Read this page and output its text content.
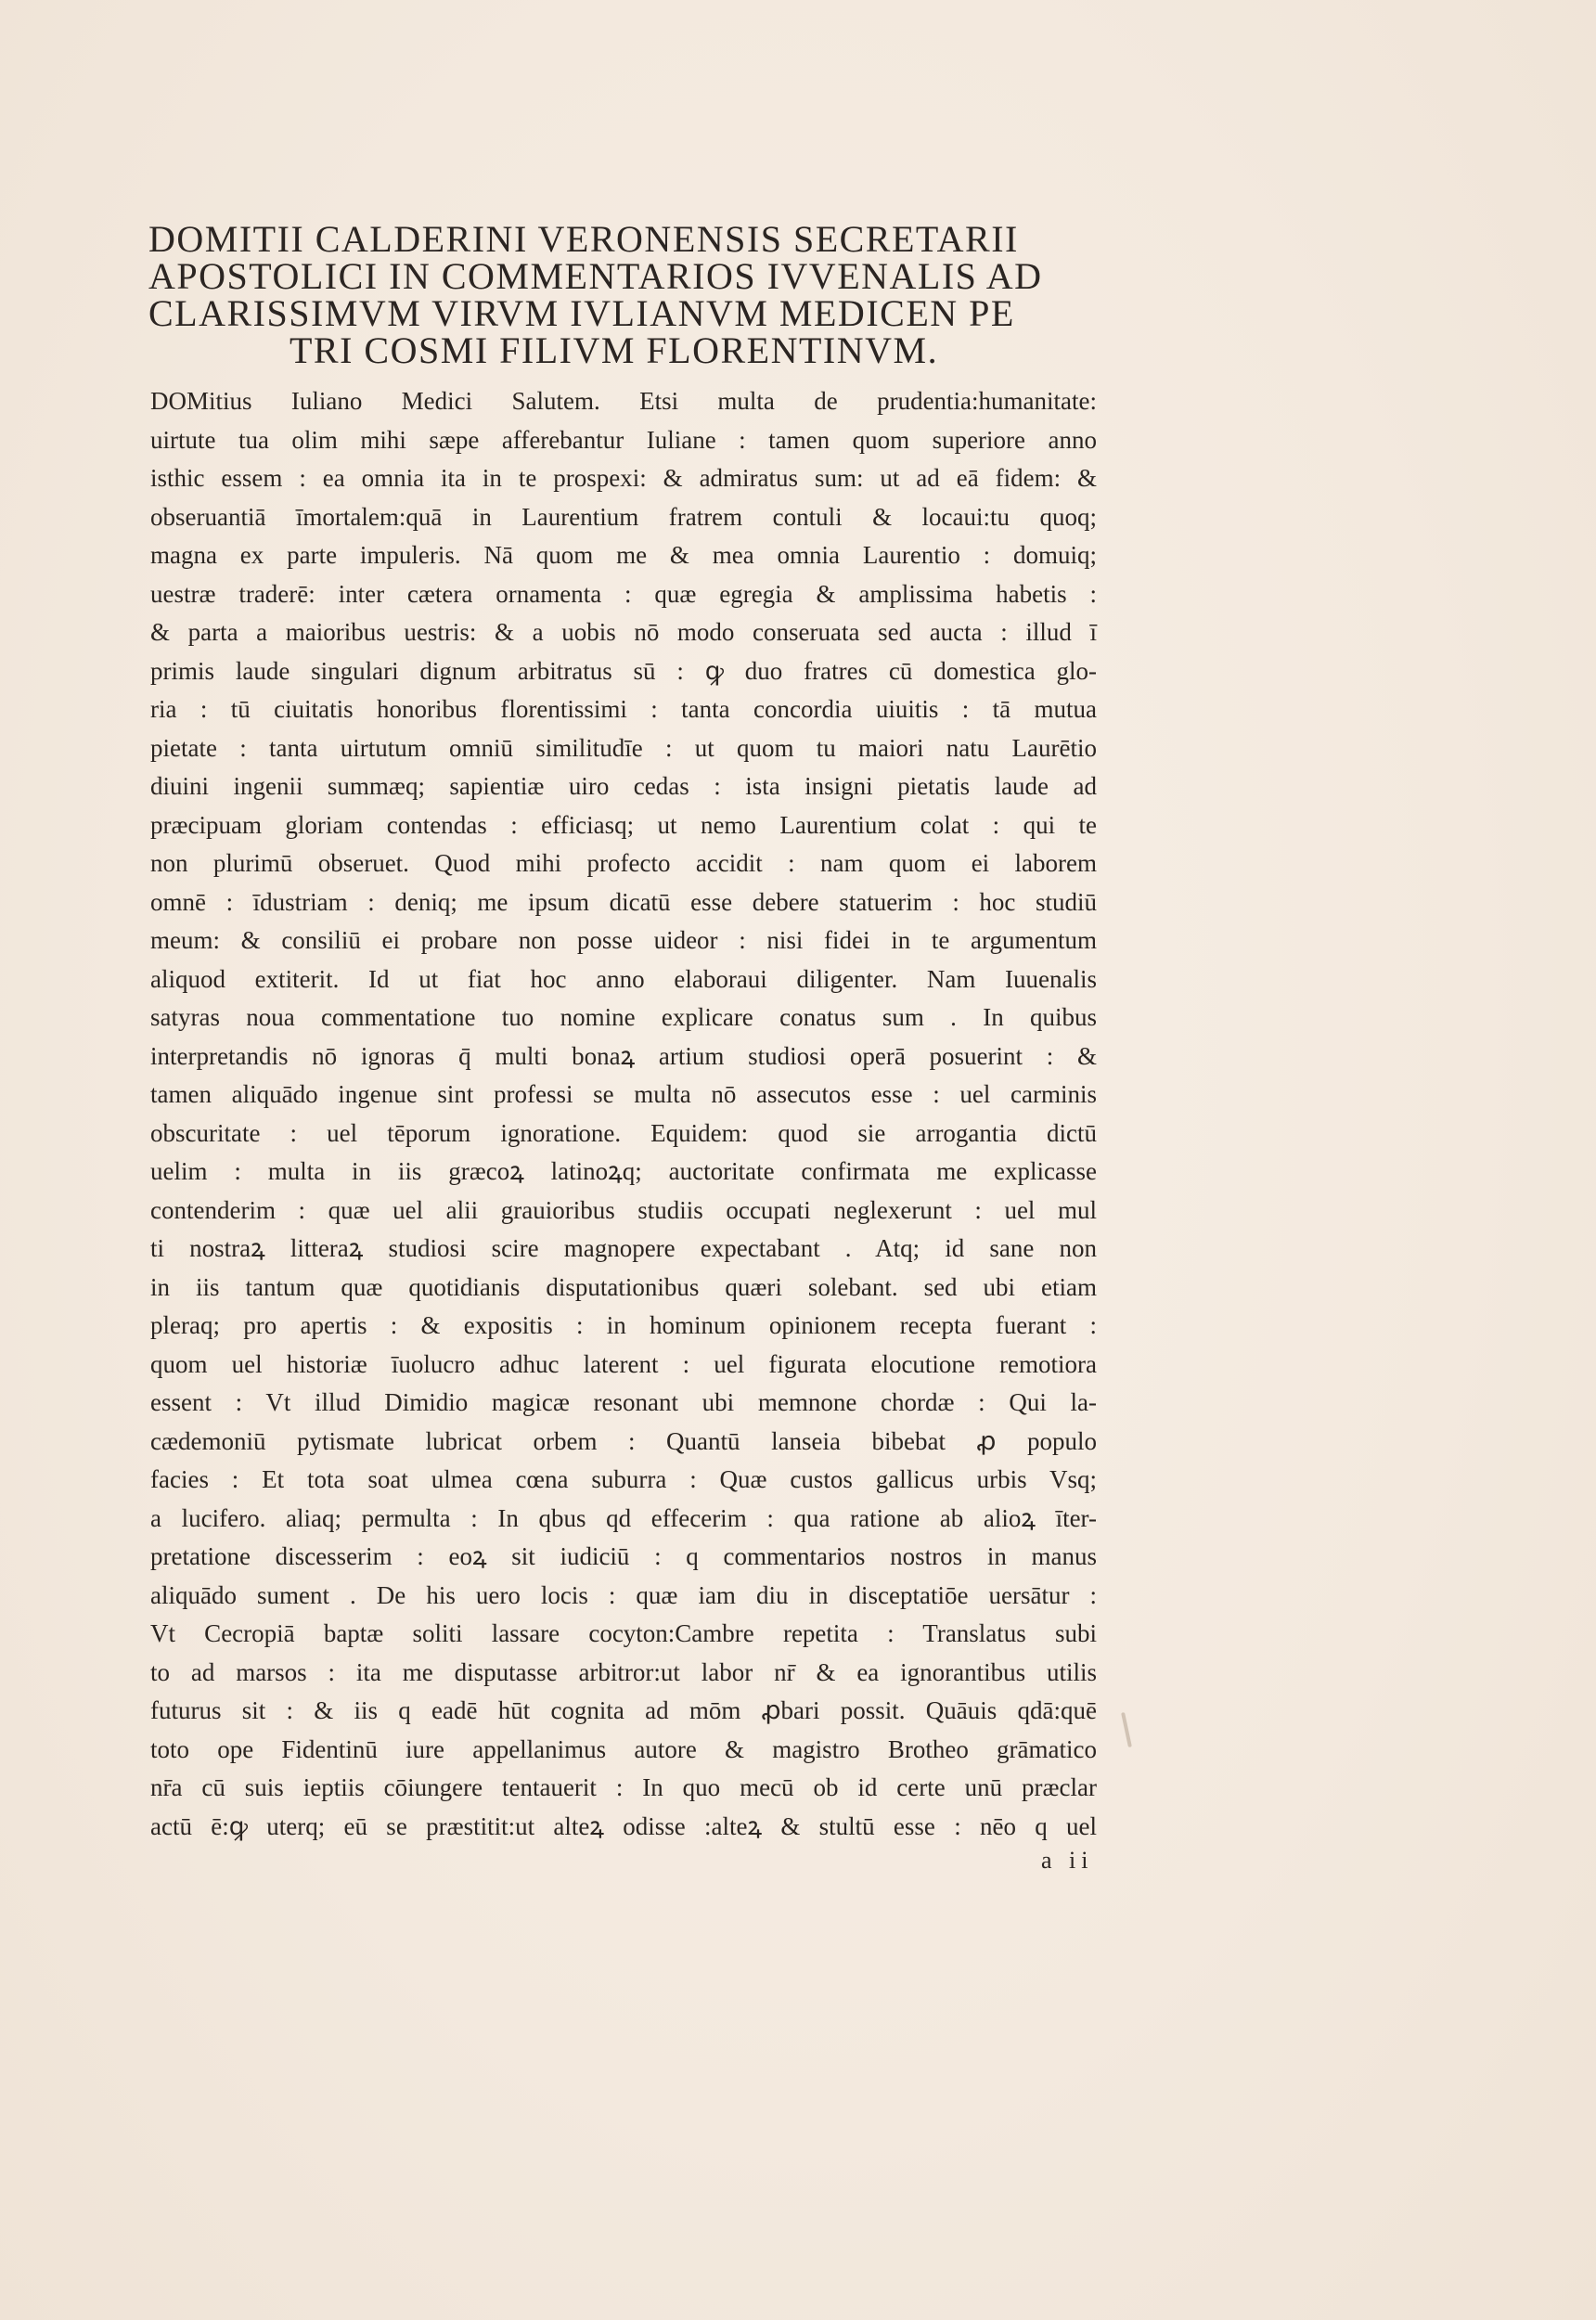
DOMITII CALDERINI VERONENSIS SECRETARII
APOSTOLICI IN COMMENTARIOS IVVENALIS AD
CLARISSIMVM VIRVM IVLIANVM MEDICEN PE
TRI COSMI FILIVM FLORENTINVM.
DOMitius Iuliano Medici Salutem. Etsi multa de prudentia:humanitate:
uirtute tua olim mihi sæpe afferebantur Iuliane : tamen quom superiore anno
isthic essem : ea omnia ita in te prospexi: & admiratus sum: ut ad eā fidem: &
obseruantiā īmortalem:quā in Laurentium fratrem contuli & locaui:tu quoq;
magna ex parte impuleris. Nā quom me & mea omnia Laurentio : domuiq;
uestræ traderē: inter cætera ornamenta : quæ egregia & amplissima habetis :
& parta a maioribus uestris: & a uobis nō modo conseruata sed aucta : illud ī
primis laude singulari dignum arbitratus sū : ꝙ duo fratres cū domestica glo-
ria : tū ciuitatis honoribus florentissimi : tanta concordia uiuitis : tā mutua
pietate : tanta uirtutum omniū similitudīe : ut quom tu maiori natu Laurētio
diuini ingenii summæq; sapientiæ uiro cedas : ista insigni pietatis laude ad
præcipuam gloriam contendas : efficiasq; ut nemo Laurentium colat : qui te
non plurimū obseruet. Quod mihi profecto accidit : nam quom ei laborem
omnē : īdustriam : deniq; me ipsum dicatū esse debere statuerim : hoc studiū
meum: & consiliū ei probare non posse uideor : nisi fidei in te argumentum
aliquod extiterit. Id ut fiat hoc anno elaboraui diligenter. Nam Iuuenalis
satyras noua commentatione tuo nomine explicare conatus sum . In quibus
interpretandis nō ignoras q̄ multi bonaꝝ artium studiosi operā posuerint : &
tamen aliquādo ingenue sint professi se multa nō assecutos esse : uel carminis
obscuritate : uel tēporum ignoratione. Equidem: quod sie arrogantia dictū
uelim : multa in iis græcoꝝ latinoꝝq; auctoritate confirmata me explicasse
contenderim : quæ uel alii grauioribus studiis occupati neglexerunt : uel mul
ti nostraꝝ litteraꝝ studiosi scire magnopere expectabant . Atq; id sane non
in iis tantum quæ quotidianis disputationibus quæri solebant. sed ubi etiam
pleraq; pro apertis : & expositis : in hominum opinionem recepta fuerant :
quom uel historiæ īuolucro adhuc laterent : uel figurata elocutione remotiora
essent : Vt illud Dimidio magicæ resonant ubi memnone chordæ : Qui la-
cædemoniū pytismate lubricat orbem : Quantū lanseia bibebat ꝓ populo
facies : Et tota soat ulmea cœna suburra : Quæ custos gallicus urbis Vsq;
a lucifero. aliaq; permulta : In qbus qd effecerim : qua ratione ab alioꝝ īter-
pretatione discesserim : eoꝝ sit iudiciū : q commentarios nostros in manus
aliquādo sument . De his uero locis : quæ iam diu in disceptatiōe uersātur :
Vt Cecropiā baptæ soliti lassare cocyton:Cambre repetita : Translatus subi
to ad marsos : ita me disputasse arbitror:ut labor nr̄ & ea ignorantibus utilis
futurus sit : & iis q eadē hūt cognita ad mōm ꝓbari possit. Quāuis qdā:quē
toto ope Fidentinū iure appellanimus autore & magistro Brotheo grāmatico
nr̄a cū suis ieptiis cōiungere tentauerit : In quo mecū ob id certe unū præclar
actū ē:ꝙ uterq; eū se præstitit:ut alteꝝ odisse :alteꝝ & stultū esse : nēo q uel
a ii
